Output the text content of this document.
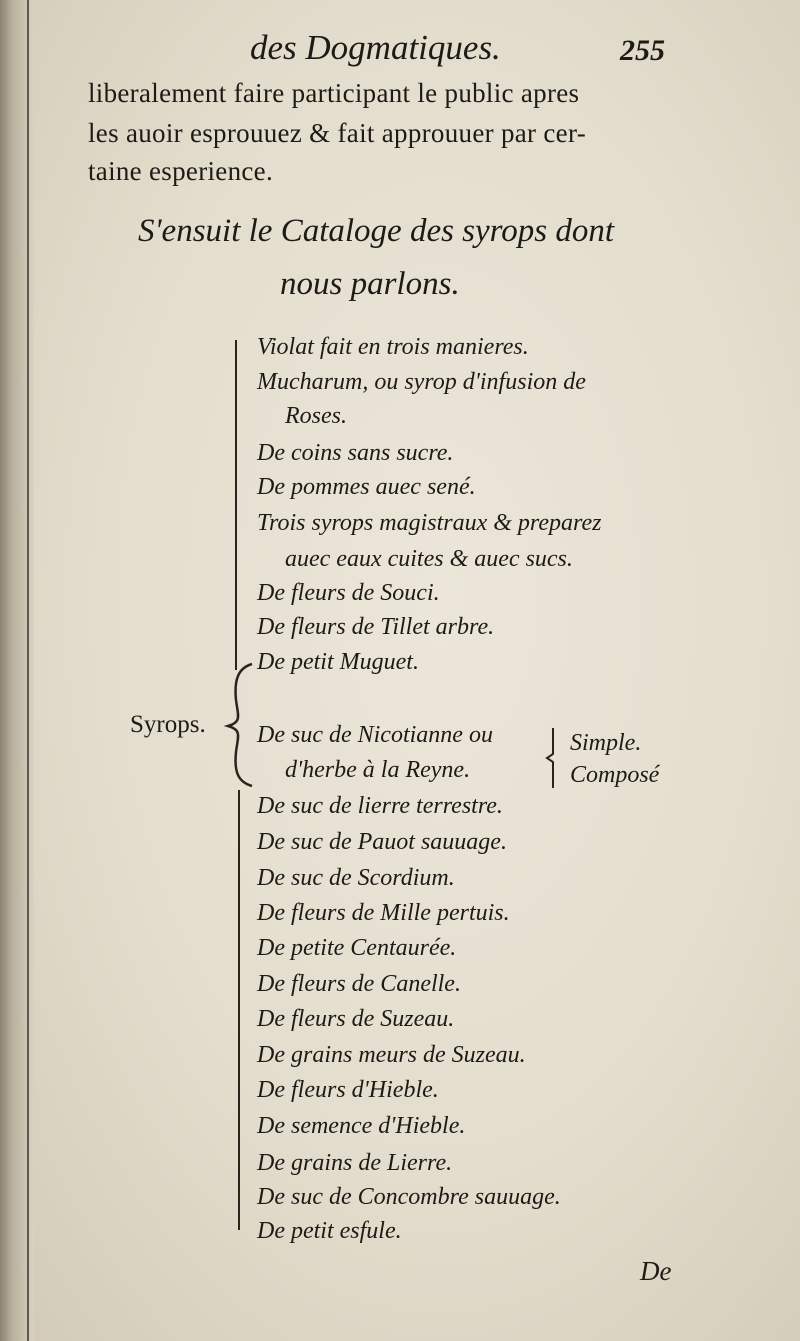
des Dogmatiques.	255
liberalement faire participant le public apres
les auoir esprouuez & fait approuuer par cer-
taine esperience.
S'ensuit le Cataloge des syrops dont
nous parlons.
Syrops.
Violat fait en trois manieres.
Mucharum, ou syrop d'infusion de
Roses.
De coins sans sucre.
De pommes auec sené.
Trois syrops magistraux & preparez
auec eaux cuites & auec sucs.
De fleurs de Souci.
De fleurs de Tillet arbre.
De petit Muguet.
De suc de Nicotianne ou
d'herbe à la Reyne.
Simple.
Composé
De suc de lierre terrestre.
De suc de Pauot sauuage.
De suc de Scordium.
De fleurs de Mille pertuis.
De petite Centaurée.
De fleurs de Canelle.
De fleurs de Suzeau.
De grains meurs de Suzeau.
De fleurs d'Hieble.
De semence d'Hieble.
De grains de Lierre.
De suc de Concombre sauuage.
De petit esfule.
De
